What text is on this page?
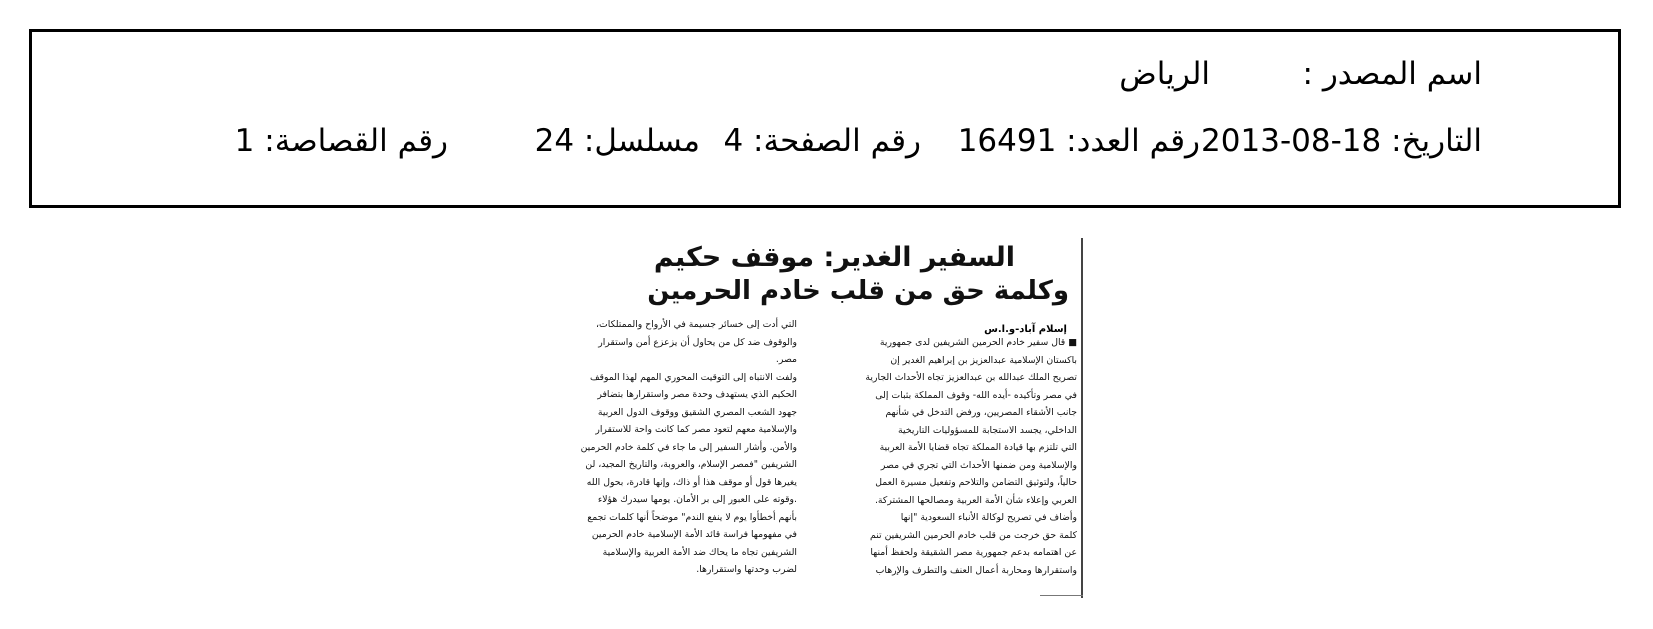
اسم المصدر :
الرياض
التاريخ: 18-08-2013
رقم العدد: 16491
رقم الصفحة: 4
مسلسل: 24
رقم القصاصة: 1
السفير الغدير: موقف حكيم
وكلمة حق من قلب خادم الحرمين
إسلام آباد-و.ا.س

■ قال سفير خادم الحرمين الشريفين لدى جمهورية

باكستان الإسلامية عبدالعزيز بن إبراهيم الغدير إن

تصريح الملك عبدالله بن عبدالعزيز تجاه الأحداث الجارية

في مصر وتأكيده -أيده الله- وقوف المملكة بثبات إلى

جانب الأشقاء المصريين، ورفض التدخل في شأنهم

الداخلي، يجسد الاستجابة للمسؤوليات التاريخية

التي تلتزم بها قيادة المملكة تجاه قضايا الأمة العربية

والإسلامية ومن ضمنها الأحداث التي تجري في مصر

حالياً، ولتوثيق التضامن والتلاحم وتفعيل مسيرة العمل

العربي وإعلاء شأن الأمة العربية ومصالحها المشتركة.

وأضاف في تصريح لوكالة الأنباء السعودية "إنها

كلمة حق خرجت من قلب خادم الحرمين الشريفين تنم

عن اهتمامه بدعم جمهورية مصر الشقيقة ولحفظ أمنها

واستقرارها ومحاربة أعمال العنف والتطرف والإرهاب

التي أدت إلى خسائر جسيمة في الأرواح والممتلكات،

والوقوف ضد كل من يحاول أن يزعزع أمن واستقرار

مصر.

ولفت الانتباه إلى التوقيت المحوري المهم لهذا الموقف

الحكيم الذي يستهدف وحدة مصر واستقرارها بتضافر

جهود الشعب المصري الشقيق ووقوف الدول العربية

والإسلامية معهم لتعود مصر كما كانت واحة للاستقرار

والأمن. وأشار السفير إلى ما جاء في كلمة خادم الحرمين

الشريفين "فمصر الإسلام، والعروبة، والتاريخ المجيد، لن

يغيرها قول أو موقف هذا أو ذاك، وإنها قادرة، بحول الله

.وقوته على العبور إلى بر الأمان. يومها سيدرك هؤلاء

بأنهم أخطأوا يوم لا ينفع الندم" موضحاً أنها كلمات تجمع

في مفهومها فراسة قائد الأمة الإسلامية خادم الحرمين

الشريفين تجاه ما يحاك ضد الأمة العربية والإسلامية

لضرب وحدتها واستقرارها.
